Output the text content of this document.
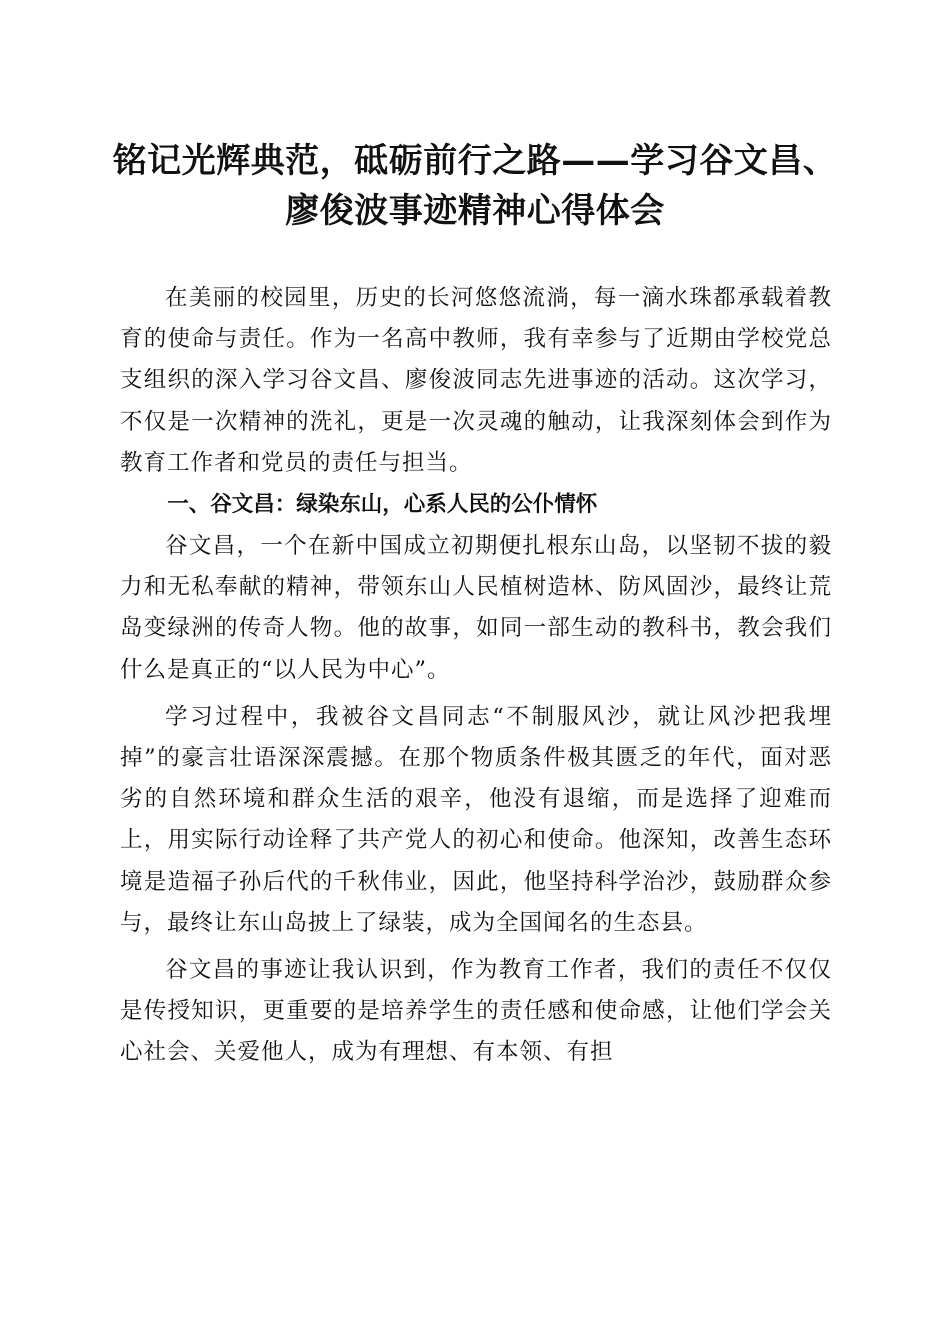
铭记光辉典范，砥砺前行之路——学习谷文昌、
廖俊波事迹精神心得体会

在美丽的校园里，历史的长河悠悠流淌，每一滴水珠都承载着教育的使命与责任。作为一名高中教师，我有幸参与了近期由学校党总支组织的深入学习谷文昌、廖俊波同志先进事迹的活动。这次学习，不仅是一次精神的洗礼，更是一次灵魂的触动，让我深刻体会到作为教育工作者和党员的责任与担当。

一、谷文昌：绿染东山，心系人民的公仆情怀

谷文昌，一个在新中国成立初期便扎根东山岛，以坚韧不拔的毅力和无私奉献的精神，带领东山人民植树造林、防风固沙，最终让荒岛变绿洲的传奇人物。他的故事，如同一部生动的教科书，教会我们什么是真正的“以人民为中心”。

学习过程中，我被谷文昌同志“不制服风沙，就让风沙把我埋掉”的豪言壮语深深震撼。在那个物质条件极其匮乏的年代，面对恶劣的自然环境和群众生活的艰辛，他没有退缩，而是选择了迎难而上，用实际行动诠释了共产党人的初心和使命。他深知，改善生态环境是造福子孙后代的千秋伟业，因此，他坚持科学治沙，鼓励群众参与，最终让东山岛披上了绿装，成为全国闻名的生态县。

谷文昌的事迹让我认识到，作为教育工作者，我们的责任不仅仅是传授知识，更重要的是培养学生的责任感和使命感，让他们学会关心社会、关爱他人，成为有理想、有本领、有担
